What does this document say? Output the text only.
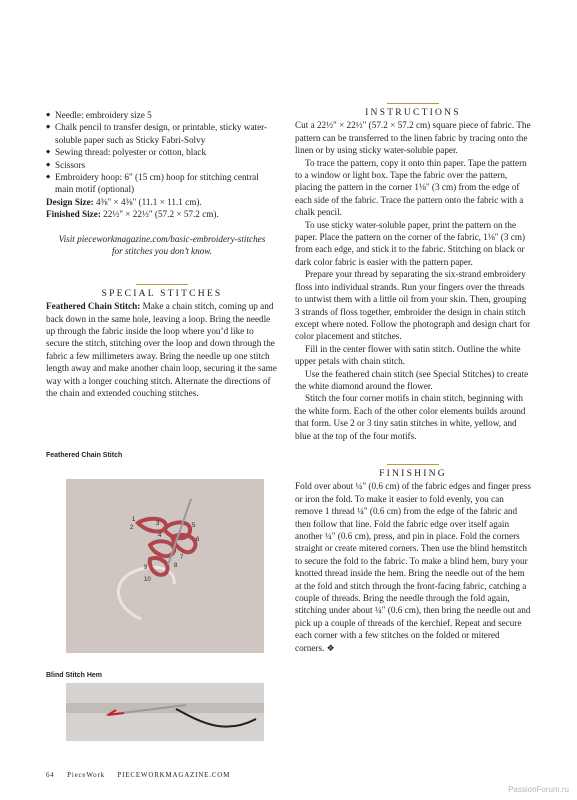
◆ Needle: embroidery size 5
◆ Chalk pencil to transfer design, or printable, sticky water-soluble paper such as Sticky Fabri-Solvy
◆ Sewing thread: polyester or cotton, black
◆ Scissors
◆ Embroidery hoop: 6" (15 cm) hoop for stitching central main motif (optional)
Design Size: 4⅜" × 4⅜" (11.1 × 11.1 cm).
Finished Size: 22½" × 22½" (57.2 × 57.2 cm).
Visit pieceworkmagazine.com/basic-embroidery-stitches for stitches you don’t know.
SPECIAL STITCHES

Feathered Chain Stitch: Make a chain stitch, coming up and back down in the same hole, leaving a loop. Bring the needle up through the fabric inside the loop where you’d like to secure the stitch, stitching over the loop and down through the fabric a few millimeters away. Bring the needle up one stitch length away and make another chain loop, securing it the same way with a longer couching stitch. Alternate the directions of the chain and extended couching stitches.

Feathered Chain Stitch
1
2
3
4
5
6
7
8
9
10
Blind Stitch Hem
INSTRUCTIONS

Cut a 22½" × 22½" (57.2 × 57.2 cm) square piece of fabric. The pattern can be transferred to the linen fabric by tracing onto the linen or by using sticky water-soluble paper.

To trace the pattern, copy it onto thin paper. Tape the pattern to a window or light box. Tape the fabric over the pattern, placing the pattern in the corner 1⅛" (3 cm) from the edge of each side of the fabric. Trace the pattern onto the fabric with a chalk pencil.

To use sticky water-soluble paper, print the pattern on the paper. Place the pattern on the corner of the fabric, 1⅛" (3 cm) from each edge, and stick it to the fabric. Stitching on black or dark color fabric is easier with the pattern paper.

Prepare your thread by separating the six-strand embroidery floss into individual strands. Run your fingers over the threads to untwist them with a little oil from your skin. Then, grouping 3 strands of floss together, embroider the design in chain stitch except where noted. Follow the photograph and design chart for color placement and stitches.

Fill in the center flower with satin stitch. Outline the white upper petals with chain stitch.

Use the feathered chain stitch (see Special Stitches) to create the white diamond around the flower.

Stitch the four corner motifs in chain stitch, beginning with the white form. Each of the other color elements builds around that form. Use 2 or 3 tiny satin stitches in white, yellow, and blue at the top of the four motifs.

FINISHING

Fold over about ¼" (0.6 cm) of the fabric edges and finger press or iron the fold. To make it easier to fold evenly, you can remove 1 thread ¼" (0.6 cm) from the edge of the fabric and then follow that line. Fold the fabric edge over itself again another ¼" (0.6 cm), press, and pin in place. Fold the corners straight or create mitered corners. Then use the blind hemstitch to secure the fold to the fabric. To make a blind hem, bury your knotted thread inside the hem. Bring the needle out of the hem at the fold and stitch through the front-facing fabric, catching a couple of threads. Bring the needle through the fold again, stitching under about ¼" (0.6 cm), then bring the needle out and pick up a couple of threads of the kerchief. Repeat and secure each corner with a few stitches on the folded or mitered corners. ❖

64 PieceWork PIECEWORKMAGAZINE.COM
PassionForum.ru
